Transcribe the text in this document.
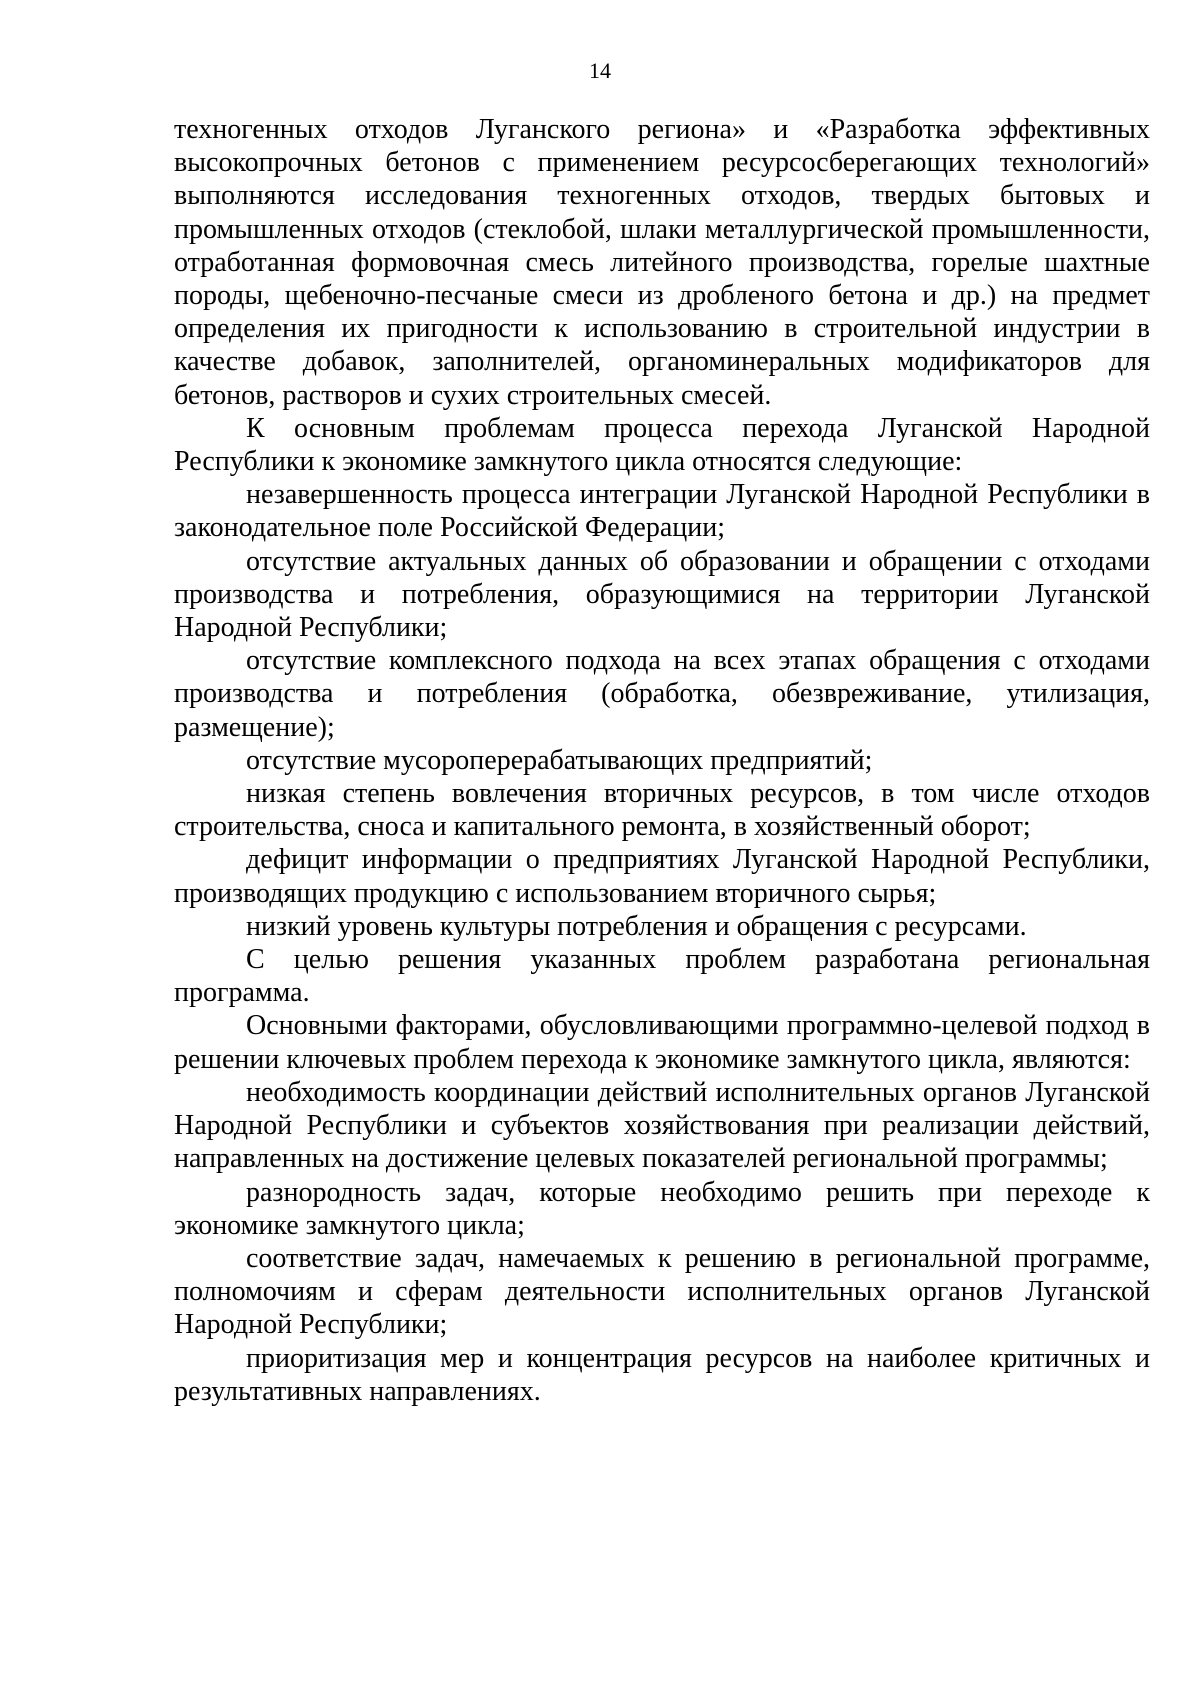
14

техногенных отходов Луганского региона» и «Разработка эффективных высокопрочных бетонов с применением ресурсосберегающих технологий» выполняются исследования техногенных отходов, твердых бытовых и промышленных отходов (стеклобой, шлаки металлургической промышленности, отработанная формовочная смесь литейного производства, горелые шахтные породы, щебеночно-песчаные смеси из дробленого бетона и др.) на предмет определения их пригодности к использованию в строительной индустрии в качестве добавок, заполнителей, органоминеральных модификаторов для бетонов, растворов и сухих строительных смесей.

К основным проблемам процесса перехода Луганской Народной Республики к экономике замкнутого цикла относятся следующие:

незавершенность процесса интеграции Луганской Народной Республики в законодательное поле Российской Федерации;

отсутствие актуальных данных об образовании и обращении с отходами производства и потребления, образующимися на территории Луганской Народной Республики;

отсутствие комплексного подхода на всех этапах обращения с отходами производства и потребления (обработка, обезвреживание, утилизация, размещение);

отсутствие мусороперерабатывающих предприятий;

низкая степень вовлечения вторичных ресурсов, в том числе отходов строительства, сноса и капитального ремонта, в хозяйственный оборот;

дефицит информации о предприятиях Луганской Народной Республики, производящих продукцию с использованием вторичного сырья;

низкий уровень культуры потребления и обращения с ресурсами.

С целью решения указанных проблем разработана региональная программа.

Основными факторами, обусловливающими программно-целевой подход в решении ключевых проблем перехода к экономике замкнутого цикла, являются:

необходимость координации действий исполнительных органов Луганской Народной Республики и субъектов хозяйствования при реализации действий, направленных на достижение целевых показателей региональной программы;

разнородность задач, которые необходимо решить при переходе к экономике замкнутого цикла;

соответствие задач, намечаемых к решению в региональной программе, полномочиям и сферам деятельности исполнительных органов Луганской Народной Республики;

приоритизация мер и концентрация ресурсов на наиболее критичных и результативных направлениях.
